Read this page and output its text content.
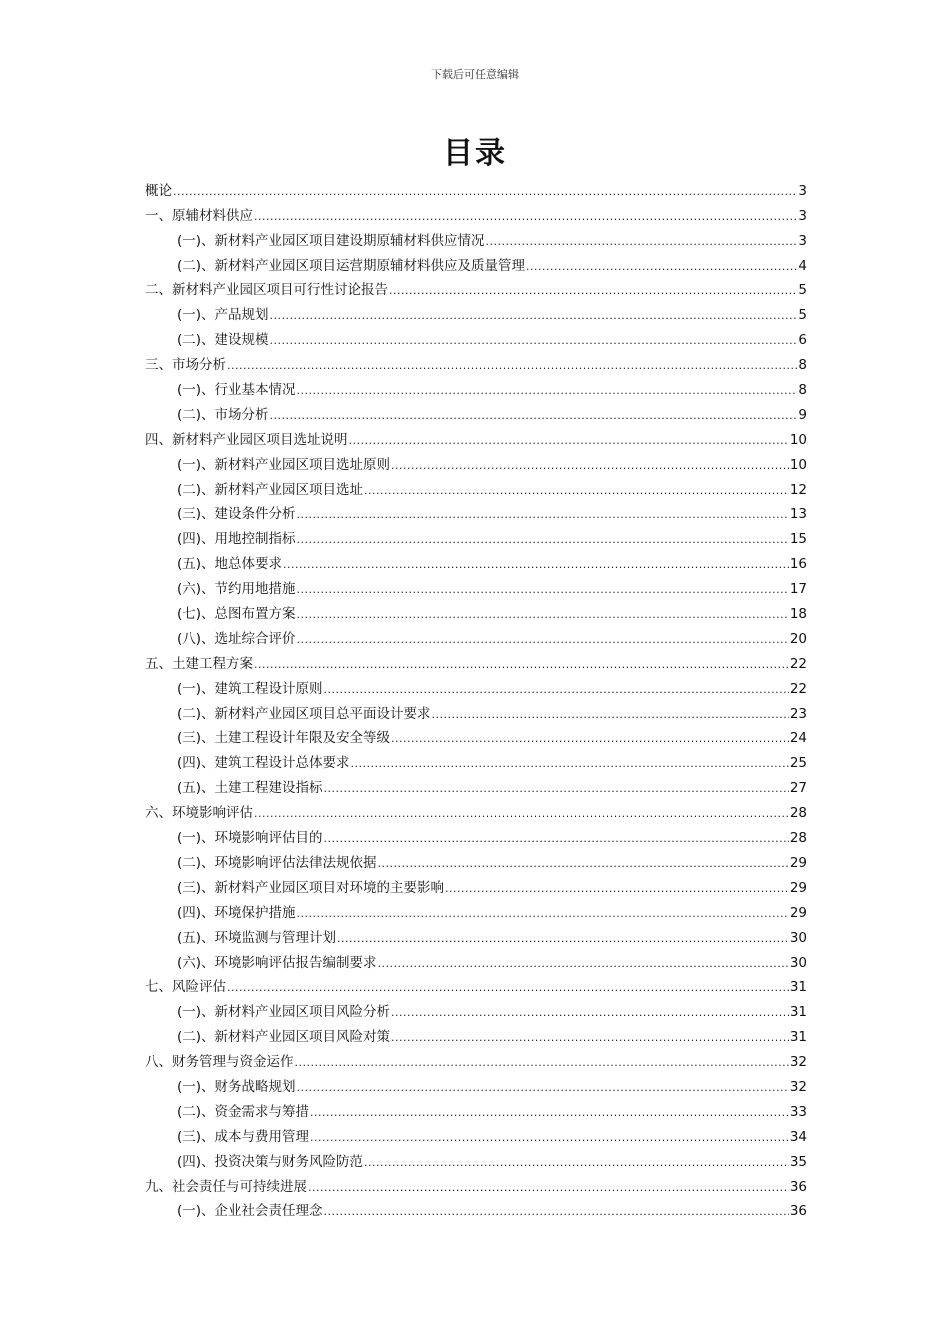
下载后可任意编辑
目录
概论 .....	3
一、原辅材料供应 .....	3
(一)、新材料产业园区项目建设期原辅材料供应情况 .....	3
(二)、新材料产业园区项目运营期原辅材料供应及质量管理 .....	4
二、新材料产业园区项目可行性讨论报告 .....	5
(一)、产品规划 .....	5
(二)、建设规模 .....	6
三、市场分析 .....	8
(一)、行业基本情况 .....	8
(二)、市场分析 .....	9
四、新材料产业园区项目选址说明 .....	10
(一)、新材料产业园区项目选址原则 .....	10
(二)、新材料产业园区项目选址 .....	12
(三)、建设条件分析 .....	13
(四)、用地控制指标 .....	15
(五)、地总体要求 .....	16
(六)、节约用地措施 .....	17
(七)、总图布置方案 .....	18
(八)、选址综合评价 .....	20
五、土建工程方案 .....	22
(一)、建筑工程设计原则 .....	22
(二)、新材料产业园区项目总平面设计要求 .....	23
(三)、土建工程设计年限及安全等级 .....	24
(四)、建筑工程设计总体要求 .....	25
(五)、土建工程建设指标 .....	27
六、环境影响评估 .....	28
(一)、环境影响评估目的 .....	28
(二)、环境影响评估法律法规依据 .....	29
(三)、新材料产业园区项目对环境的主要影响 .....	29
(四)、环境保护措施 .....	29
(五)、环境监测与管理计划 .....	30
(六)、环境影响评估报告编制要求 .....	30
七、风险评估 .....	31
(一)、新材料产业园区项目风险分析 .....	31
(二)、新材料产业园区项目风险对策 .....	31
八、财务管理与资金运作 .....	32
(一)、财务战略规划 .....	32
(二)、资金需求与筹措 .....	33
(三)、成本与费用管理 .....	34
(四)、投资决策与财务风险防范 .....	35
九、社会责任与可持续进展 .....	36
(一)、企业社会责任理念 .....	36
